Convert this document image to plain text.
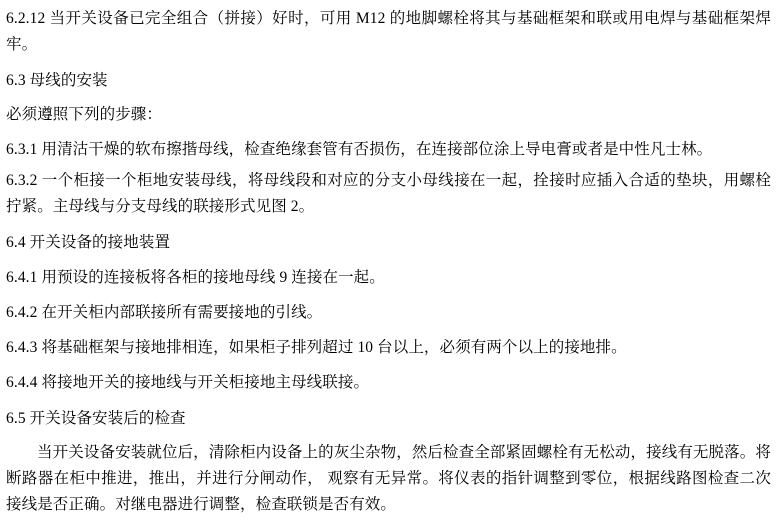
6.2.12 当开关设备已完全组合（拼接）好时，可用 M12 的地脚螺栓将其与基础框架和联或用电焊与基础框架焊牢。

6.3 母线的安装

必须遵照下列的步骤：

6.3.1 用清沽干燥的软布擦揩母线，检查绝缘套管有否损伤，在连接部位涂上导电膏或者是中性凡士林。

6.3.2 一个柜接一个柜地安装母线，将母线段和对应的分支小母线接在一起，拴接时应插入合适的垫块，用螺栓拧紧。主母线与分支母线的联接形式见图 2。

6.4 开关设备的接地装置

6.4.1 用预设的连接板将各柜的接地母线 9 连接在一起。

6.4.2 在开关柜内部联接所有需要接地的引线。

6.4.3 将基础框架与接地排相连，如果柜子排列超过 10 台以上，必须有两个以上的接地排。

6.4.4 将接地开关的接地线与开关柜接地主母线联接。

6.5 开关设备安装后的检查

当开关设备安装就位后，清除柜内设备上的灰尘杂物，然后检查全部紧固螺栓有无松动，接线有无脱落。将断路器在柜中推进，推出，并进行分闸动作， 观察有无异常。将仪表的指针调整到零位，根据线路图检查二次接线是否正确。对继电器进行调整，检查联锁是否有效。
